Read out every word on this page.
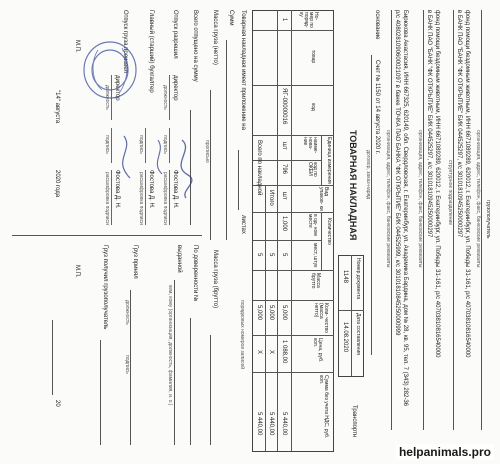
грузополучатель
организация, адрес, телефон, факс, банковские реквизиты
фонд помощи бездомным животным, ИНН 6671089289, 620012, г. Екатеринбург, ул. Победы 31-161, р/с 40703810816540000
в БАНК ПАО "БАНК "ФК ОТКРЫТИЕ" БИК 044525297, к/с 30101810945250000297
структурное подразделение
фонд помощи бездомным животным, ИНН 6671089289, 620012, г. Екатеринбург, ул. Победы 31-161, р/с 40703810816540000
в БАНК ПАО "БАНК "ФК ОТКРЫТИЕ" БИК 044525297, к/с 30101810945250000297
организация, адрес, телефон, факс, банковские реквизиты
Бирюкова Анастасия, ИНН 667325, 620149, обл. Свердловская, г. Екатеринбург, ул. Академика Бардина, дом № 28, кв. 95, тел. 7 (343) 282-36
р/с 4080281090600021097 в банке ТОЧКА ПАО БАНКА "ФК ОТКРЫТИЕ" БИК 044525999, к/с 30101810845250000999
организация, адрес, телефон, факс, банковские реквизиты
основание
Счет № 1150 от 14 августа 2020 г.
договор, заказ-наряд
ТОВАРНАЯ НАКЛАДНАЯ
Номер документа
Дата составления
1148
14.08.2020
Транспортн
Но- мер по поряд- ку
товар
код
Единица измерения
наиме- нова- ние
код по ОКЕИ
Вид упаков- ки
Количество
в од- ном месте
мест, штук
Масса брутто
Коли- чество (масса нетто)
Цена, руб. коп.
Сумма без учета НДС, руб. коп.
1
ЯГ-00000016
шт
796
шт
1,000
5
5,000
1 088,00
5 440,00
Итого
5
5,000
X
5 440,00
Всего по накладной
5
5,000
X
5 440,00
Товарная накладная имеет приложение на
листах
порядковых номеров записей
Сумм
Масса груза (нетто)
прописью
Масса груза (брутто)
Всего отпущено на сумму
Отпуск разрешил
директор
Фостова Д. Н.
должность
подпись
расшифровка подписи
Главный (старший) бухгалтер
Фостова Д. Н.
подпись
расшифровка подписи
Отпуск груза произвел
директор
Фостова Д. Н.
должность
подпись
расшифровка подписи
М.П.
"14" августа
2020 года
По доверенности №
выданной
кем, кому (организация, должность, фамилия, и. о.)
Груз принял
должность
подпись
Груз получил грузополучатель
М.П.
20
helpanimals.pro
